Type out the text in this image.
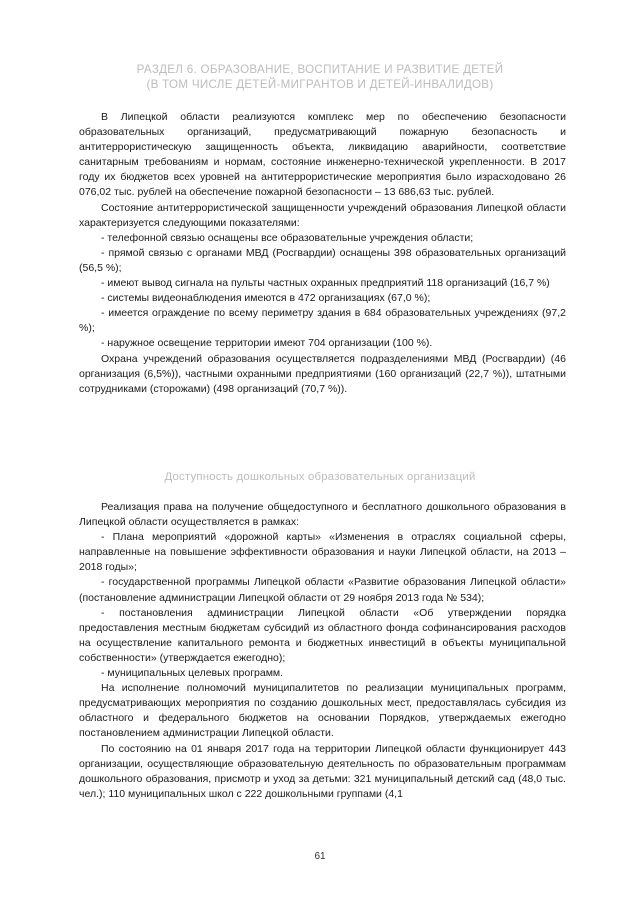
РАЗДЕЛ 6. ОБРАЗОВАНИЕ, ВОСПИТАНИЕ И РАЗВИТИЕ ДЕТЕЙ
(В ТОМ ЧИСЛЕ ДЕТЕЙ-МИГРАНТОВ И ДЕТЕЙ-ИНВАЛИДОВ)

В Липецкой области реализуются комплекс мер по обеспечению безопасности образовательных организаций, предусматривающий пожарную безопасность и антитеррористическую защищенность объекта, ликвидацию аварийности, соответствие санитарным требованиям и нормам, состояние инженерно-технической укрепленности. В 2017 году их бюджетов всех уровней на антитеррористические мероприятия было израсходовано 26 076,02 тыс. рублей на обеспечение пожарной безопасности – 13 686,63 тыс. рублей.

Состояние антитеррористической защищенности учреждений образования Липецкой области характеризуется следующими показателями:

- телефонной связью оснащены все образовательные учреждения области;

- прямой связью с органами МВД (Росгвардии) оснащены 398 образовательных организаций (56,5 %);

- имеют вывод сигнала на пульты частных охранных предприятий 118 организаций (16,7 %)

- системы видеонаблюдения имеются в 472 организациях (67,0 %);

- имеется ограждение по всему периметру здания в 684 образовательных учреждениях (97,2 %);

- наружное освещение территории имеют 704 организации (100 %).

Охрана учреждений образования осуществляется подразделениями МВД (Росгвардии) (46 организация (6,5%)), частными охранными предприятиями (160 организаций (22,7 %)), штатными сотрудниками (сторожами) (498 организаций (70,7 %)).

Доступность дошкольных образовательных организаций

Реализация права на получение общедоступного и бесплатного дошкольного образования в Липецкой области осуществляется в рамках:

- Плана мероприятий «дорожной карты» «Изменения в отраслях социальной сферы, направленные на повышение эффективности образования и науки Липецкой области, на 2013 – 2018 годы»;

- государственной программы Липецкой области «Развитие образования Липецкой области» (постановление администрации Липецкой области от 29 ноября 2013 года № 534);

- постановления администрации Липецкой области «Об утверждении порядка предоставления местным бюджетам субсидий из областного фонда софинансирования расходов на осуществление капитального ремонта и бюджетных инвестиций в объекты муниципальной собственности» (утверждается ежегодно);

- муниципальных целевых программ.

На исполнение полномочий муниципалитетов по реализации муниципальных программ, предусматривающих мероприятия по созданию дошкольных мест, предоставлялась субсидия из областного и федерального бюджетов на основании Порядков, утверждаемых ежегодно постановлением администрации Липецкой области.

По состоянию на 01 января 2017 года на территории Липецкой области функционирует 443 организации, осуществляющие образовательную деятельность по образовательным программам дошкольного образования, присмотр и уход за детьми: 321 муниципальный детский сад (48,0 тыс. чел.); 110 муниципальных школ с 222 дошкольными группами (4,1

61
